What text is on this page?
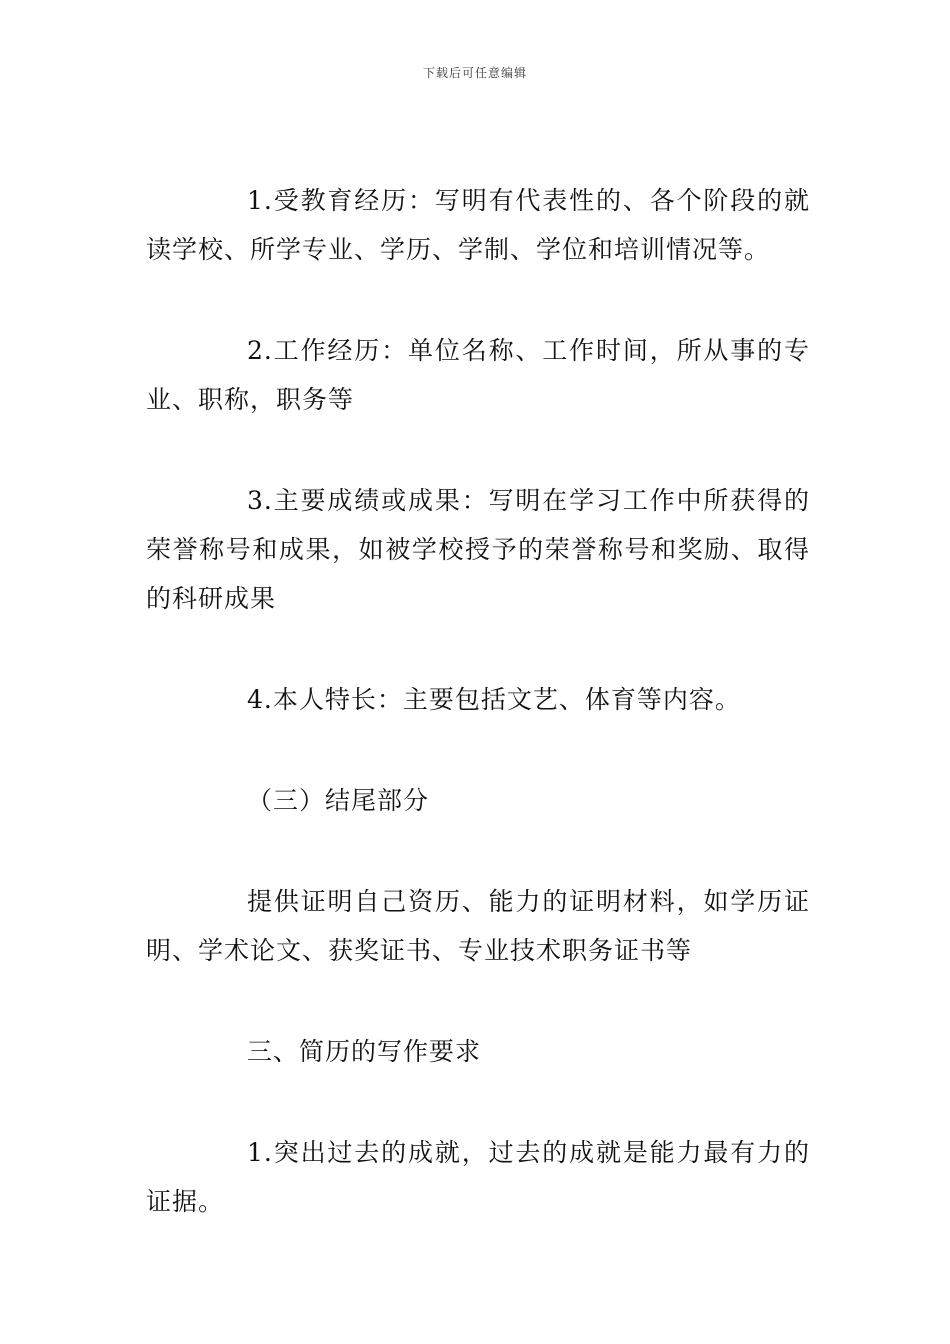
下载后可任意编辑

1.受教育经历：写明有代表性的、各个阶段的就读学校、所学专业、学历、学制、学位和培训情况等。

2.工作经历：单位名称、工作时间，所从事的专业、职称，职务等

3.主要成绩或成果：写明在学习工作中所获得的荣誉称号和成果，如被学校授予的荣誉称号和奖励、取得的科研成果

4.本人特长：主要包括文艺、体育等内容。

（三）结尾部分

提供证明自己资历、能力的证明材料，如学历证明、学术论文、获奖证书、专业技术职务证书等

三、简历的写作要求

1.突出过去的成就，过去的成就是能力最有力的证据。
